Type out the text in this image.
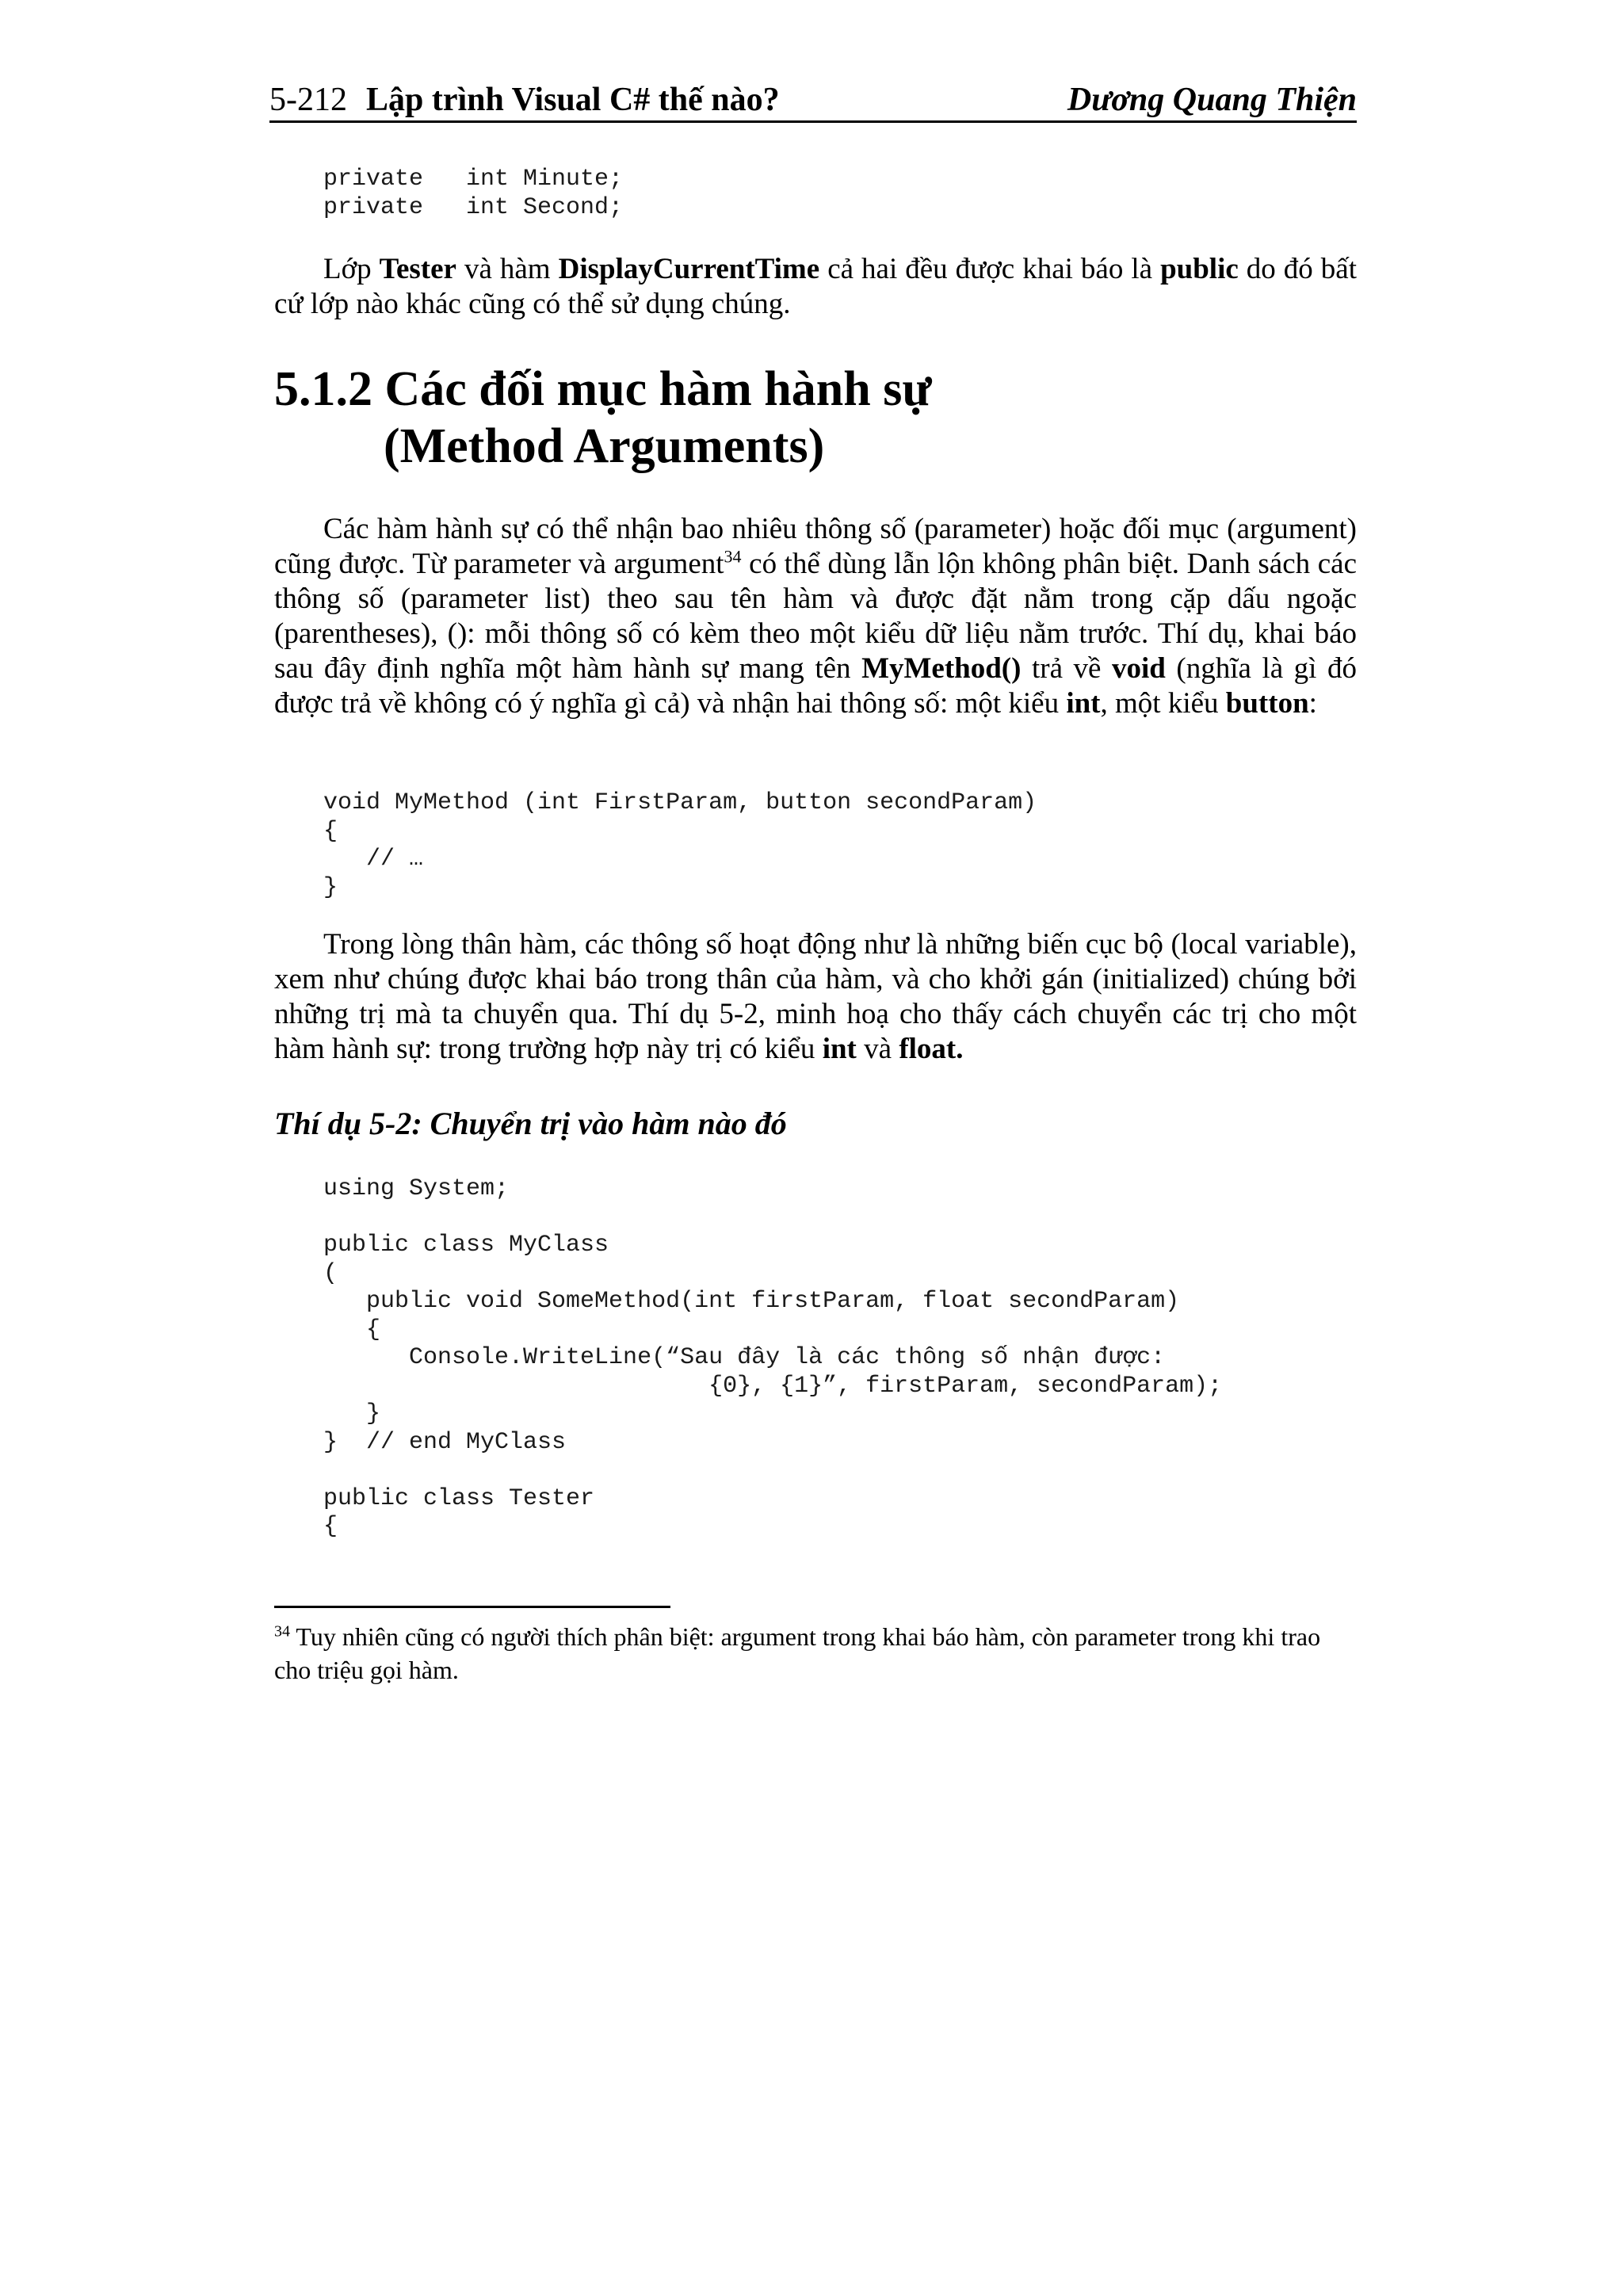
5-212 Lập trình Visual C# thế nào?	Dương Quang Thiện
private   int Minute;
private   int Second;

Lớp Tester và hàm DisplayCurrentTime cả hai đều được khai báo là public do đó bất cứ lớp nào khác cũng có thể sử dụng chúng.

5.1.2 Các đối mục hàm hành sự
(Method Arguments)

Các hàm hành sự có thể nhận bao nhiêu thông số (parameter) hoặc đối mục (argument) cũng được. Từ parameter và argument$^{34}$ có thể dùng lẫn lộn không phân biệt. Danh sách các thông số (parameter list) theo sau tên hàm và được đặt nằm trong cặp dấu ngoặc (parentheses), (): mỗi thông số có kèm theo một kiểu dữ liệu nằm trước. Thí dụ, khai báo sau đây định nghĩa một hàm hành sự mang tên MyMethod() trả về void (nghĩa là gì đó được trả về không có ý nghĩa gì cả) và nhận hai thông số: một kiểu int, một kiểu button:

void MyMethod (int FirstParam, button secondParam)
{
// …
}

Trong lòng thân hàm, các thông số hoạt động như là những biến cục bộ (local variable), xem như chúng được khai báo trong thân của hàm, và cho khởi gán (initialized) chúng bởi những trị mà ta chuyển qua. Thí dụ 5-2, minh hoạ cho thấy cách chuyển các trị cho một hàm hành sự: trong trường hợp này trị có kiểu int và float.

Thí dụ 5-2: Chuyển trị vào hàm nào đó

using System;

public class MyClass
(
public void SomeMethod(int firstParam, float secondParam)
{
Console.WriteLine(“Sau đây là các thông số nhận được:
{0}, {1}”, firstParam, secondParam);
}
}  // end MyClass

public class Tester
{

$^{34}$ Tuy nhiên cũng có người thích phân biệt: argument trong khai báo hàm, còn parameter trong khi trao cho triệu gọi hàm.
